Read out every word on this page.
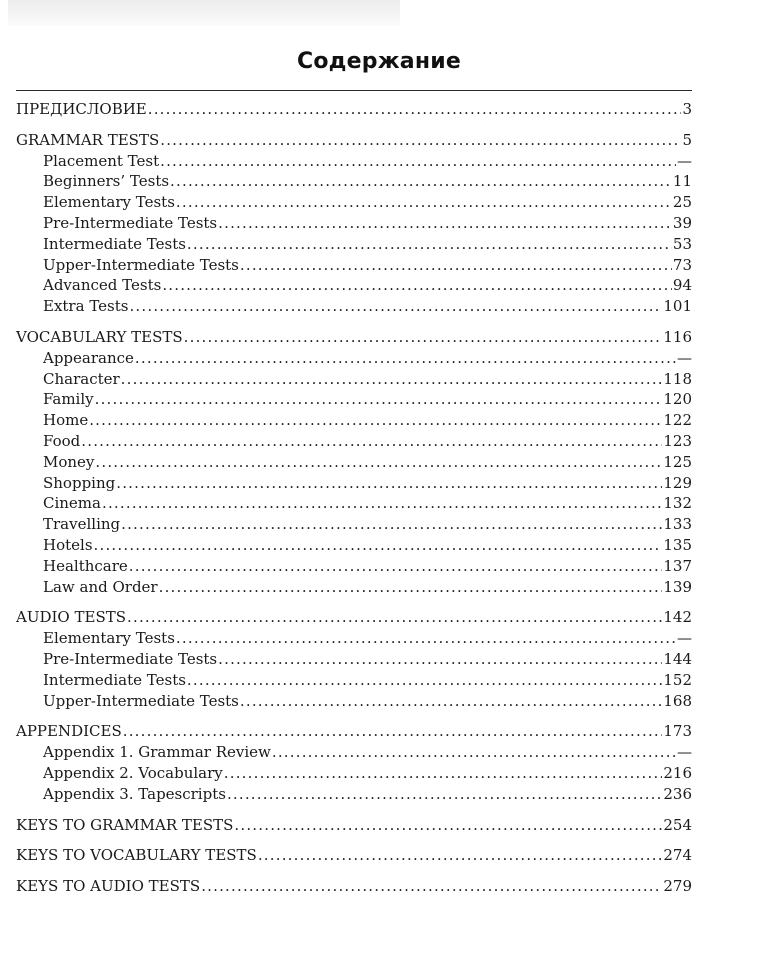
Содержание
ПРЕДИСЛОВИЕ .....	3
GRAMMAR TESTS .....	5
Placement Test .....	—
Beginners’ Tests .....	11
Elementary Tests .....	25
Pre-Intermediate Tests .....	39
Intermediate Tests .....	53
Upper-Intermediate Tests .....	73
Advanced Tests .....	94
Extra Tests .....	101
VOCABULARY TESTS .....	116
Appearance .....	—
Character .....	118
Family .....	120
Home .....	122
Food .....	123
Money .....	125
Shopping .....	129
Cinema .....	132
Travelling .....	133
Hotels .....	135
Healthcare .....	137
Law and Order .....	139
AUDIO TESTS .....	142
Elementary Tests .....	—
Pre-Intermediate Tests .....	144
Intermediate Tests .....	152
Upper-Intermediate Tests .....	168
APPENDICES .....	173
Appendix 1. Grammar Review .....	—
Appendix 2. Vocabulary .....	216
Appendix 3. Tapescripts .....	236
KEYS TO GRAMMAR TESTS .....	254
KEYS TO VOCABULARY TESTS .....	274
KEYS TO AUDIO TESTS .....	279
